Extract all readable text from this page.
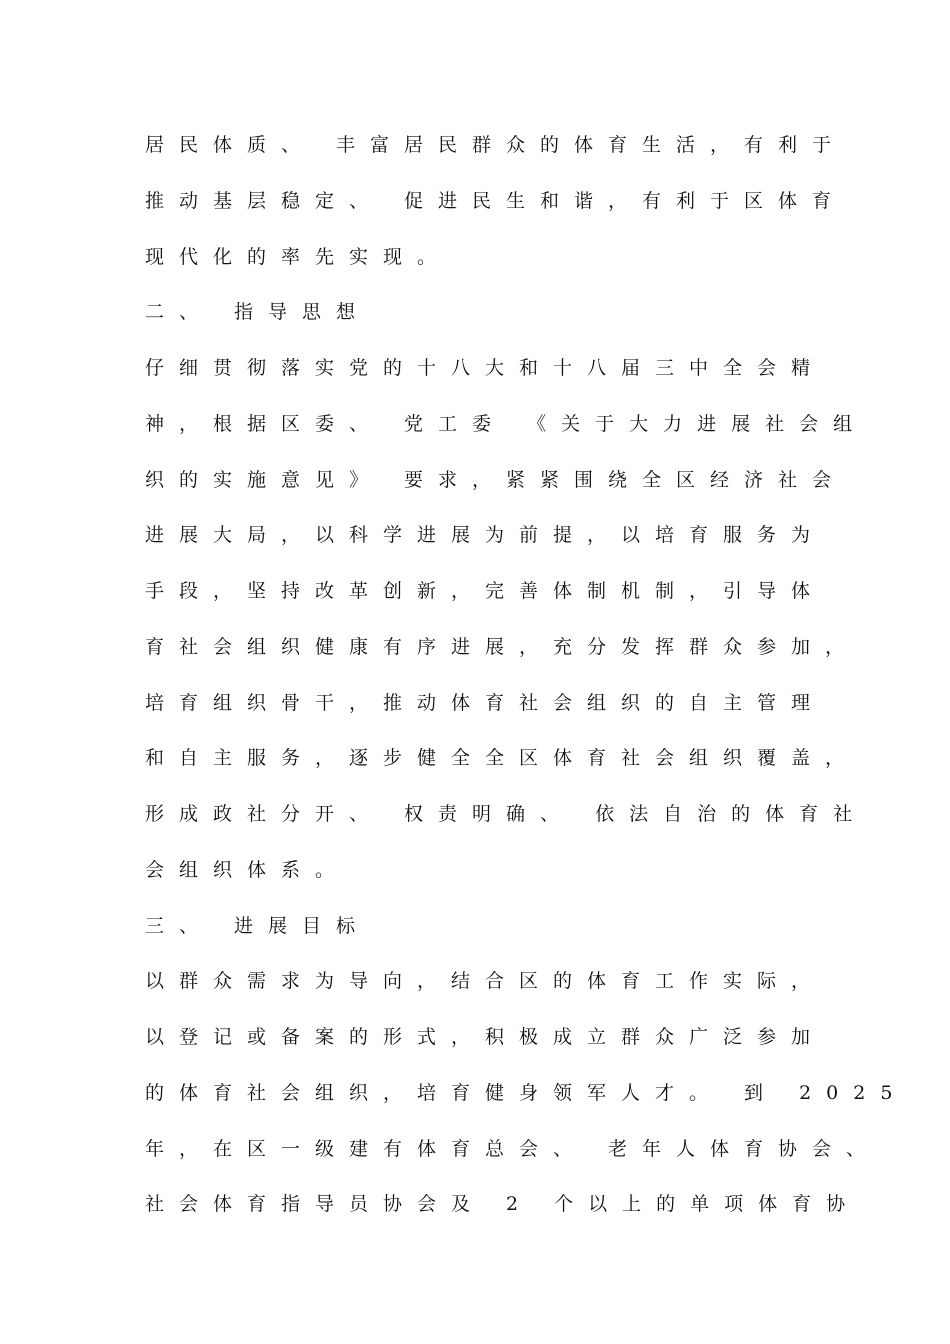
居民体质、 丰富居民群众的体育生活，有利于
推动基层稳定、 促进民生和谐，有利于区体育
现代化的率先实现。
二、 指导思想
仔细贯彻落实党的十八大和十八届三中全会精
神，根据区委、 党工委 《关于大力进展社会组
织的实施意见》 要求，紧紧围绕全区经济社会
进展大局，以科学进展为前提，以培育服务为
手段，坚持改革创新，完善体制机制，引导体
育社会组织健康有序进展，充分发挥群众参加，
培育组织骨干，推动体育社会组织的自主管理
和自主服务，逐步健全全区体育社会组织覆盖，
形成政社分开、 权责明确、 依法自治的体育社
会组织体系。
三、 进展目标
以群众需求为导向，结合区的体育工作实际，
以登记或备案的形式，积极成立群众广泛参加
的体育社会组织，培育健身领军人才。 到 2025
年，在区一级建有体育总会、 老年人体育协会、
社会体育指导员协会及 2 个以上的单项体育协
